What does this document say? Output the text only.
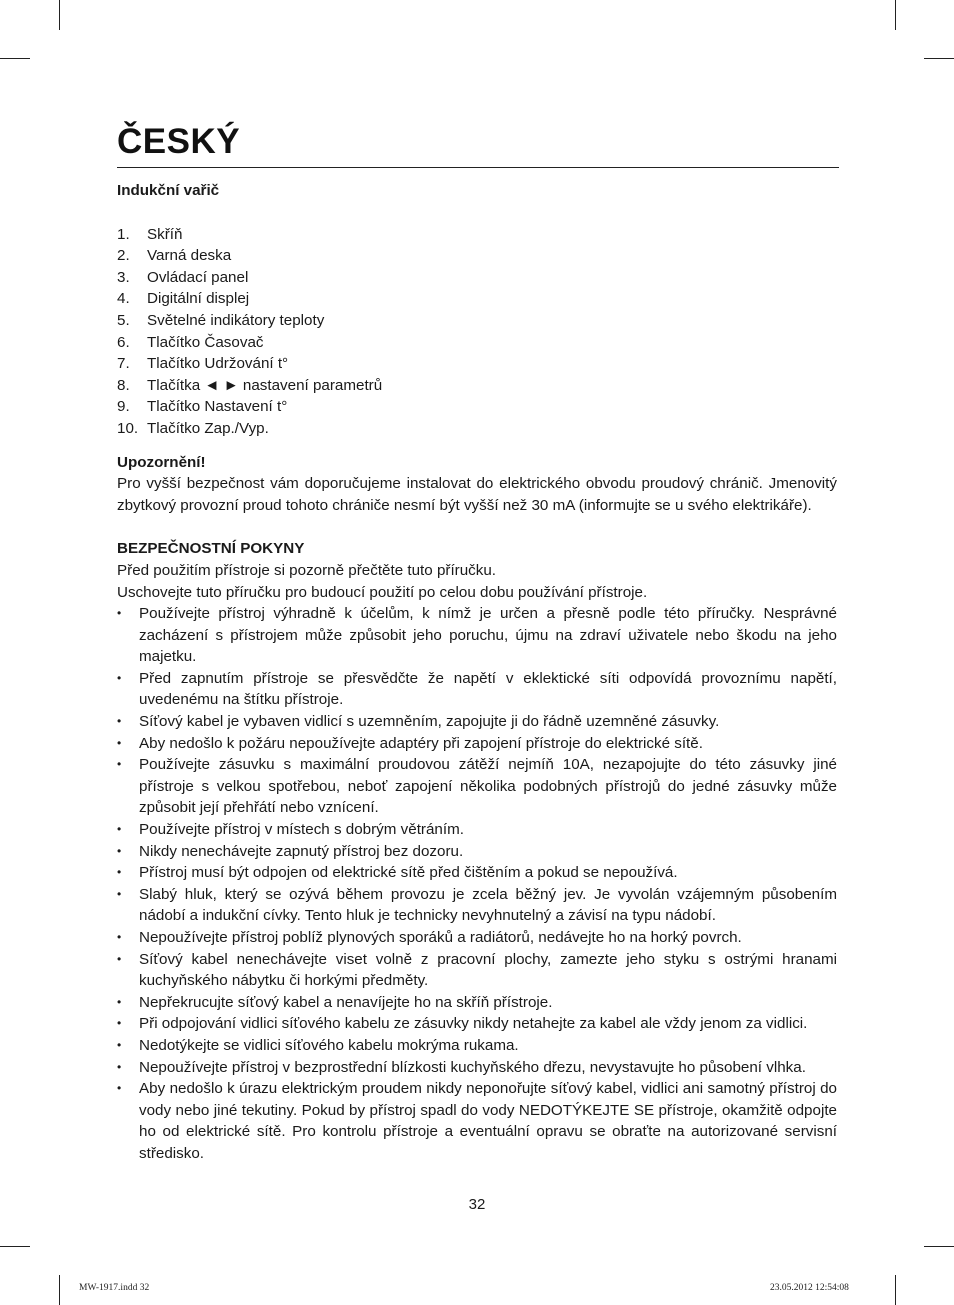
ČESKÝ

Indukční vařič

1. Skříň
2. Varná deska
3. Ovládací panel
4. Digitální displej
5. Světelné indikátory teploty
6. Tlačítko Časovač
7. Tlačítko Udržování t°
8. Tlačítka ◄ ► nastavení parametrů
9. Tlačítko Nastavení t°
10. Tlačítko Zap./Vyp.

Upozornění!

Pro vyšší bezpečnost vám doporučujeme instalovat do elektrického obvodu proudový chránič. Jmenovitý zbytkový provozní proud tohoto chrániče nesmí být vyšší než 30 mA (informujte se u svého elektrikáře).

BEZPEČNOSTNÍ POKYNY

Před použitím přístroje si pozorně přečtěte tuto příručku.

Uschovejte tuto příručku pro budoucí použití po celou dobu používání přístroje.

• Používejte přístroj výhradně k účelům, k nímž je určen a přesně podle této příručky. Nesprávné zacházení s přístrojem může způsobit jeho poruchu, újmu na zdraví uživatele nebo škodu na jeho majetku.
• Před zapnutím přístroje se přesvědčte že napětí v eklektické síti odpovídá provoznímu napětí, uvedenému na štítku přístroje.
• Síťový kabel je vybaven vidlicí s uzemněním, zapojujte ji do řádně uzemněné zásuvky.
• Aby nedošlo k požáru nepoužívejte adaptéry při zapojení přístroje do elektrické sítě.
• Používejte zásuvku s maximální proudovou zátěží nejmíň 10A, nezapojujte do této zásuvky jiné přístroje s velkou spotřebou, neboť zapojení několika podobných přístrojů do jedné zásuvky může způsobit její přehřátí nebo vznícení.
• Používejte přístroj v místech s dobrým větráním.
• Nikdy nenechávejte zapnutý přístroj bez dozoru.
• Přístroj musí být odpojen od elektrické sítě před čištěním a pokud se nepoužívá.
• Slabý hluk, který se ozývá během provozu je zcela běžný jev. Je vyvolán vzájemným působením nádobí a indukční cívky. Tento hluk je technicky nevyhnutelný a závisí na typu nádobí.
• Nepoužívejte přístroj poblíž plynových sporáků a radiátorů, nedávejte ho na horký povrch.
• Síťový kabel nenechávejte viset volně z pracovní plochy, zamezte jeho styku s ostrými hranami kuchyňského nábytku či horkými předměty.
• Nepřekrucujte síťový kabel a nenavíjejte ho na skříň přístroje.
• Při odpojování vidlici síťového kabelu ze zásuvky nikdy netahejte za kabel ale vždy jenom za vidlici.
• Nedotýkejte se vidlici síťového kabelu mokrýma rukama.
• Nepoužívejte přístroj v bezprostřední blízkosti kuchyňského dřezu, nevystavujte ho působení vlhka.
• Aby nedošlo k úrazu elektrickým proudem nikdy neponořujte síťový kabel, vidlici ani samotný přístroj do vody nebo jiné tekutiny. Pokud by přístroj spadl do vody NEDOTÝKEJTE SE přístroje, okamžitě odpojte ho od elektrické sítě. Pro kontrolu přístroje a eventuální opravu se obraťte na autorizované servisní středisko.
32
MW-1917.indd 32	23.05.2012 12:54:08
